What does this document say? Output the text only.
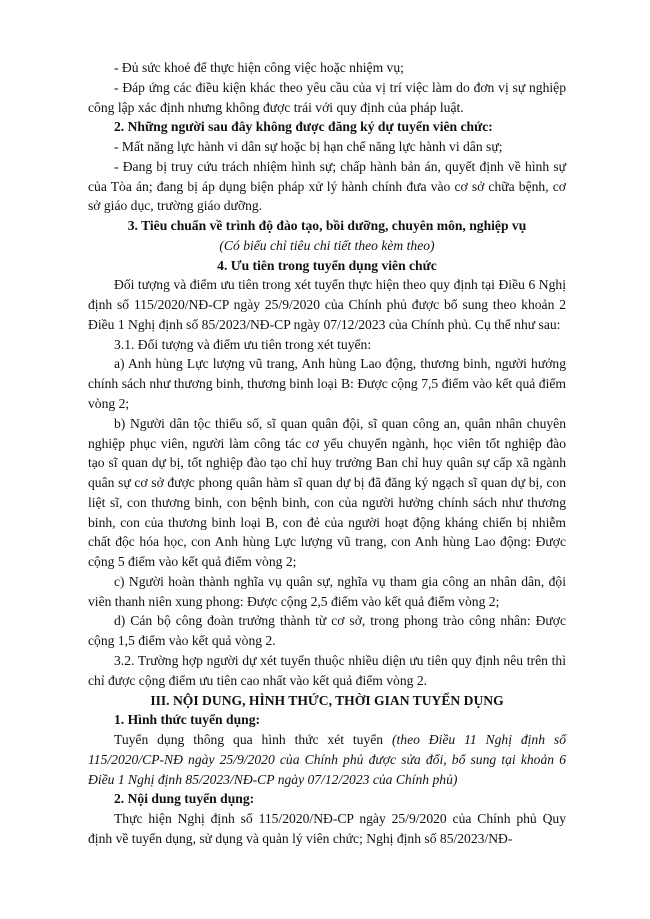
- Đủ sức khoẻ để thực hiện công việc hoặc nhiệm vụ;

- Đáp ứng các điều kiện khác theo yêu cầu của vị trí việc làm do đơn vị sự nghiệp công lập xác định nhưng không được trái với quy định của pháp luật.

2. Những người sau đây không được đăng ký dự tuyển viên chức:

- Mất năng lực hành vi dân sự hoặc bị hạn chế năng lực hành vi dân sự;

- Đang bị truy cứu trách nhiệm hình sự; chấp hành bản án, quyết định về hình sự của Tòa án; đang bị áp dụng biện pháp xử lý hành chính đưa vào cơ sở chữa bệnh, cơ sở giáo dục, trường giáo dưỡng.

3. Tiêu chuẩn về trình độ đào tạo, bồi dưỡng, chuyên môn, nghiệp vụ

(Có biểu chỉ tiêu chi tiết theo kèm theo)

4. Ưu tiên trong tuyển dụng viên chức

Đối tượng và điểm ưu tiên trong xét tuyển thực hiện theo quy định tại Điều 6 Nghị định số 115/2020/NĐ-CP ngày 25/9/2020 của Chính phủ được bổ sung theo khoản 2 Điều 1 Nghị định số 85/2023/NĐ-CP ngày 07/12/2023 của Chính phủ. Cụ thể như sau:

3.1. Đối tượng và điểm ưu tiên trong xét tuyển:

a) Anh hùng Lực lượng vũ trang, Anh hùng Lao động, thương binh, người hưởng chính sách như thương binh, thương binh loại B: Được cộng 7,5 điểm vào kết quả điểm vòng 2;

b) Người dân tộc thiểu số, sĩ quan quân đội, sĩ quan công an, quân nhân chuyên nghiệp phục viên, người làm công tác cơ yếu chuyển ngành, học viên tốt nghiệp đào tạo sĩ quan dự bị, tốt nghiệp đào tạo chỉ huy trưởng Ban chỉ huy quân sự cấp xã ngành quân sự cơ sở được phong quân hàm sĩ quan dự bị đã đăng ký ngạch sĩ quan dự bị, con liệt sĩ, con thương binh, con bệnh binh, con của người hưởng chính sách như thương binh, con của thương binh loại B, con đẻ của người hoạt động kháng chiến bị nhiễm chất độc hóa học, con Anh hùng Lực lượng vũ trang, con Anh hùng Lao động: Được cộng 5 điểm vào kết quả điểm vòng 2;

c) Người hoàn thành nghĩa vụ quân sự, nghĩa vụ tham gia công an nhân dân, đội viên thanh niên xung phong: Được cộng 2,5 điểm vào kết quả điểm vòng 2;

d) Cán bộ công đoàn trưởng thành từ cơ sở, trong phong trào công nhân: Được cộng 1,5 điểm vào kết quả vòng 2.

3.2. Trường hợp người dự xét tuyển thuộc nhiều diện ưu tiên quy định nêu trên thì chỉ được cộng điểm ưu tiên cao nhất vào kết quả điểm vòng 2.

III. NỘI DUNG, HÌNH THỨC, THỜI GIAN TUYỂN DỤNG

1. Hình thức tuyển dụng:

Tuyển dụng thông qua hình thức xét tuyển (theo Điều 11 Nghị định số 115/2020/CP-NĐ ngày 25/9/2020 của Chính phủ được sửa đổi, bổ sung tại khoản 6 Điều 1 Nghị định 85/2023/NĐ-CP ngày 07/12/2023 của Chính phủ)

2. Nội dung tuyển dụng:

Thực hiện Nghị định số 115/2020/NĐ-CP ngày 25/9/2020 của Chính phủ Quy định về tuyển dụng, sử dụng và quản lý viên chức; Nghị định số 85/2023/NĐ-
